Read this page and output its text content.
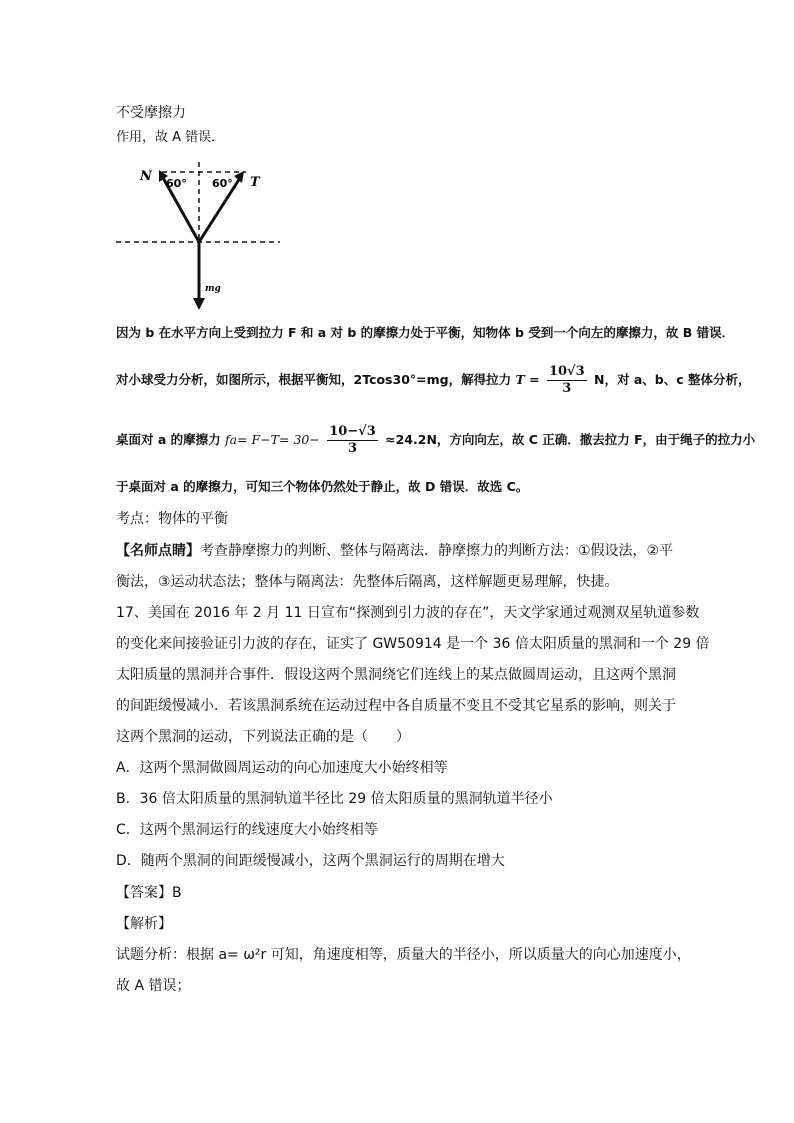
不受摩擦力
作用，故 A 错误．
N 60° 60° T
mg
因为 b 在水平方向上受到拉力 F 和 a 对 b 的摩擦力处于平衡，知物体 b 受到一个向左的摩擦力，故 B 错误．
对小球受力分析，如图所示，根据平衡知，2Tcos30°=mg，解得拉力 $T = \frac{10√3}{3}$ N，对 a、b、c 整体分析，
桌面对 a 的摩擦力 $fa= F-T= 30- \frac{10-√3}{3} \approx 24.2N$，方向向左，故 C 正确．撤去拉力 F，由于绳子的拉力小
于桌面对 a 的摩擦力，可知三个物体仍然处于静止，故 D 错误．故选 C。
考点：物体的平衡
【名师点睛】考查静摩擦力的判断、整体与隔离法．静摩擦力的判断方法：①假设法，②平
衡法，③运动状态法；整体与隔离法：先整体后隔离，这样解题更易理解，快捷。
17、美国在 2016 年 2 月 11 日宣布“探测到引力波的存在”，天文学家通过观测双星轨道参数
的变化来间接验证引力波的存在，证实了 GW50914 是一个 36 倍太阳质量的黑洞和一个 29 倍
太阳质量的黑洞并合事件．假设这两个黑洞绕它们连线上的某点做圆周运动，且这两个黑洞
的间距缓慢减小．若该黑洞系统在运动过程中各自质量不变且不受其它星系的影响，则关于
这两个黑洞的运动，下列说法正确的是（　　）
A．这两个黑洞做圆周运动的向心加速度大小始终相等
B．36 倍太阳质量的黑洞轨道半径比 29 倍太阳质量的黑洞轨道半径小
C．这两个黑洞运行的线速度大小始终相等
D．随两个黑洞的间距缓慢减小，这两个黑洞运行的周期在增大
【答案】B
【解析】
试题分析：根据 a= ω²r 可知，角速度相等，质量大的半径小，所以质量大的向心加速度小，
故 A 错误；
